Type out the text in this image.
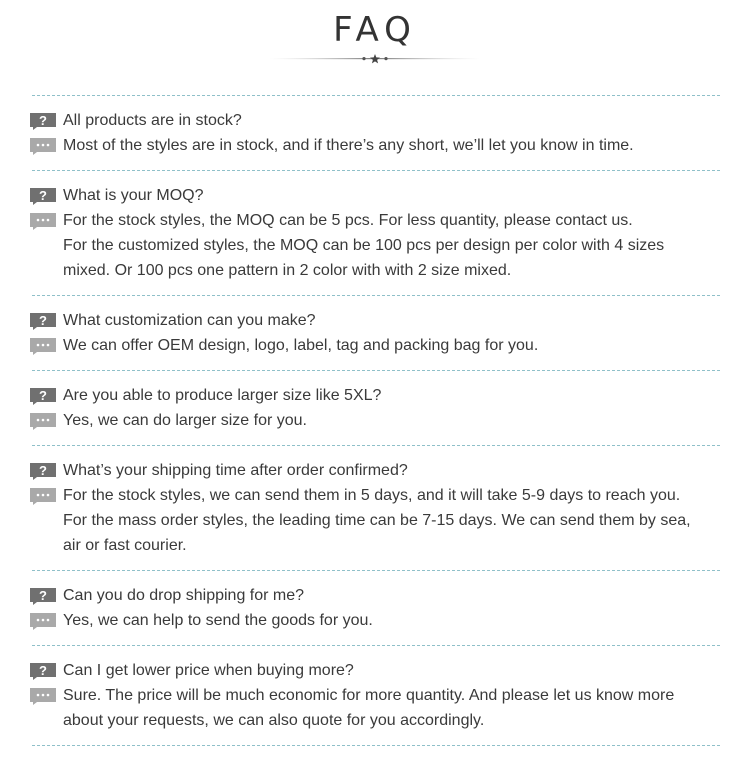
FAQ
? All products are in stock?
Most of the styles are in stock, and if there’s any short, we’ll let you know in time.
? What is your MOQ?
For the stock styles, the MOQ can be 5 pcs. For less quantity, please contact us.
For the customized styles, the MOQ can be 100 pcs per design per color with 4 sizes
mixed. Or 100 pcs one pattern in 2 color with with 2 size mixed.
? What customization can you make?
We can offer OEM design, logo, label, tag and packing bag for you.
? Are you able to produce larger size like 5XL?
Yes, we can do larger size for you.
? What’s your shipping time after order confirmed?
For the stock styles, we can send them in 5 days, and it will take 5-9 days to reach you.
For the mass order styles, the leading time can be 7-15 days. We can send them by sea,
air or fast courier.
? Can you do drop shipping for me?
Yes, we can help to send the goods for you.
? Can I get lower price when buying more?
Sure. The price will be much economic for more quantity. And please let us know more
about your requests, we can also quote for you accordingly.
